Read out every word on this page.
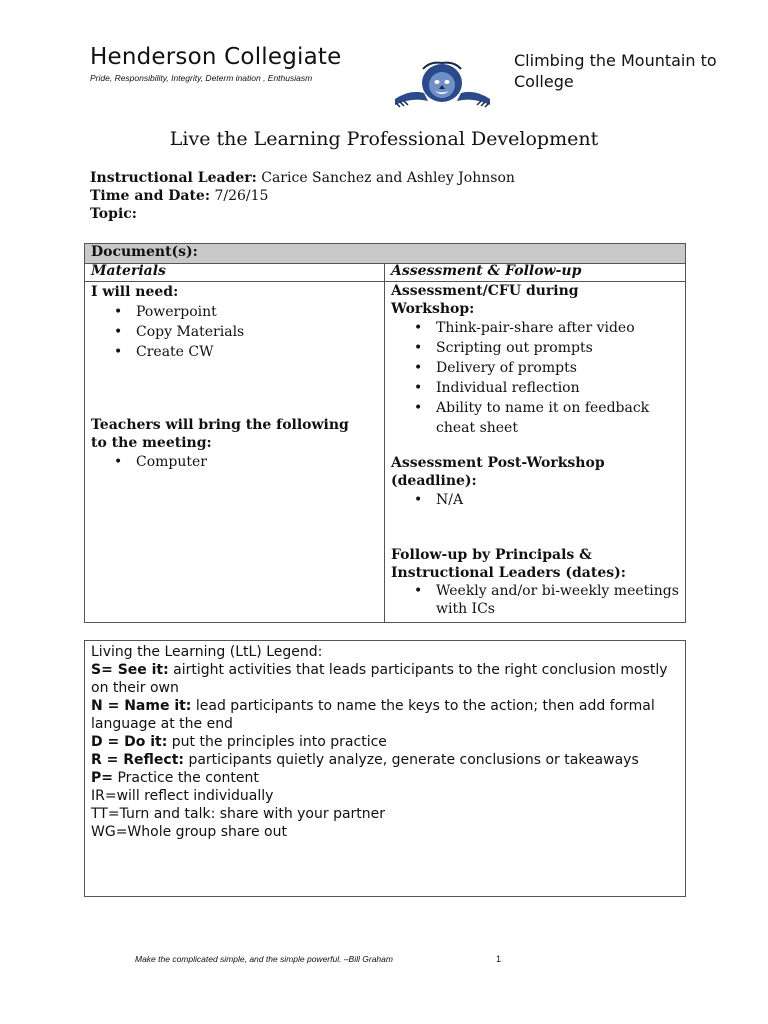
Henderson Collegiate
Pride, Responsibility, Integrity, Determ ination , Enthusiasm
Climbing the Mountain to
College
Live the Learning Professional Development
Instructional Leader: Carice Sanchez and Ashley Johnson
Time and Date: 7/26/15
Topic:
Document(s):
Materials	Assessment & Follow-up
I will need:
• Powerpoint
• Copy Materials
• Create CW
Teachers will bring the following
to the meeting:
• Computer
Assessment/CFU during
Workshop:
• Think-pair-share after video
• Scripting out prompts
• Delivery of prompts
• Individual reflection
• Ability to name it on feedback cheat sheet
Assessment Post-Workshop
(deadline):
• N/A
Follow-up by Principals &
Instructional Leaders (dates):
• Weekly and/or bi-weekly meetings with ICs
Living the Learning (LtL) Legend:
S= See it: airtight activities that leads participants to the right conclusion mostly on their own
N = Name it: lead participants to name the keys to the action; then add formal language at the end
D = Do it: put the principles into practice
R = Reflect: participants quietly analyze, generate conclusions or takeaways
P= Practice the content
IR=will reflect individually
TT=Turn and talk: share with your partner
WG=Whole group share out
Make the complicated simple, and the simple powerful. –Bill Graham	1
